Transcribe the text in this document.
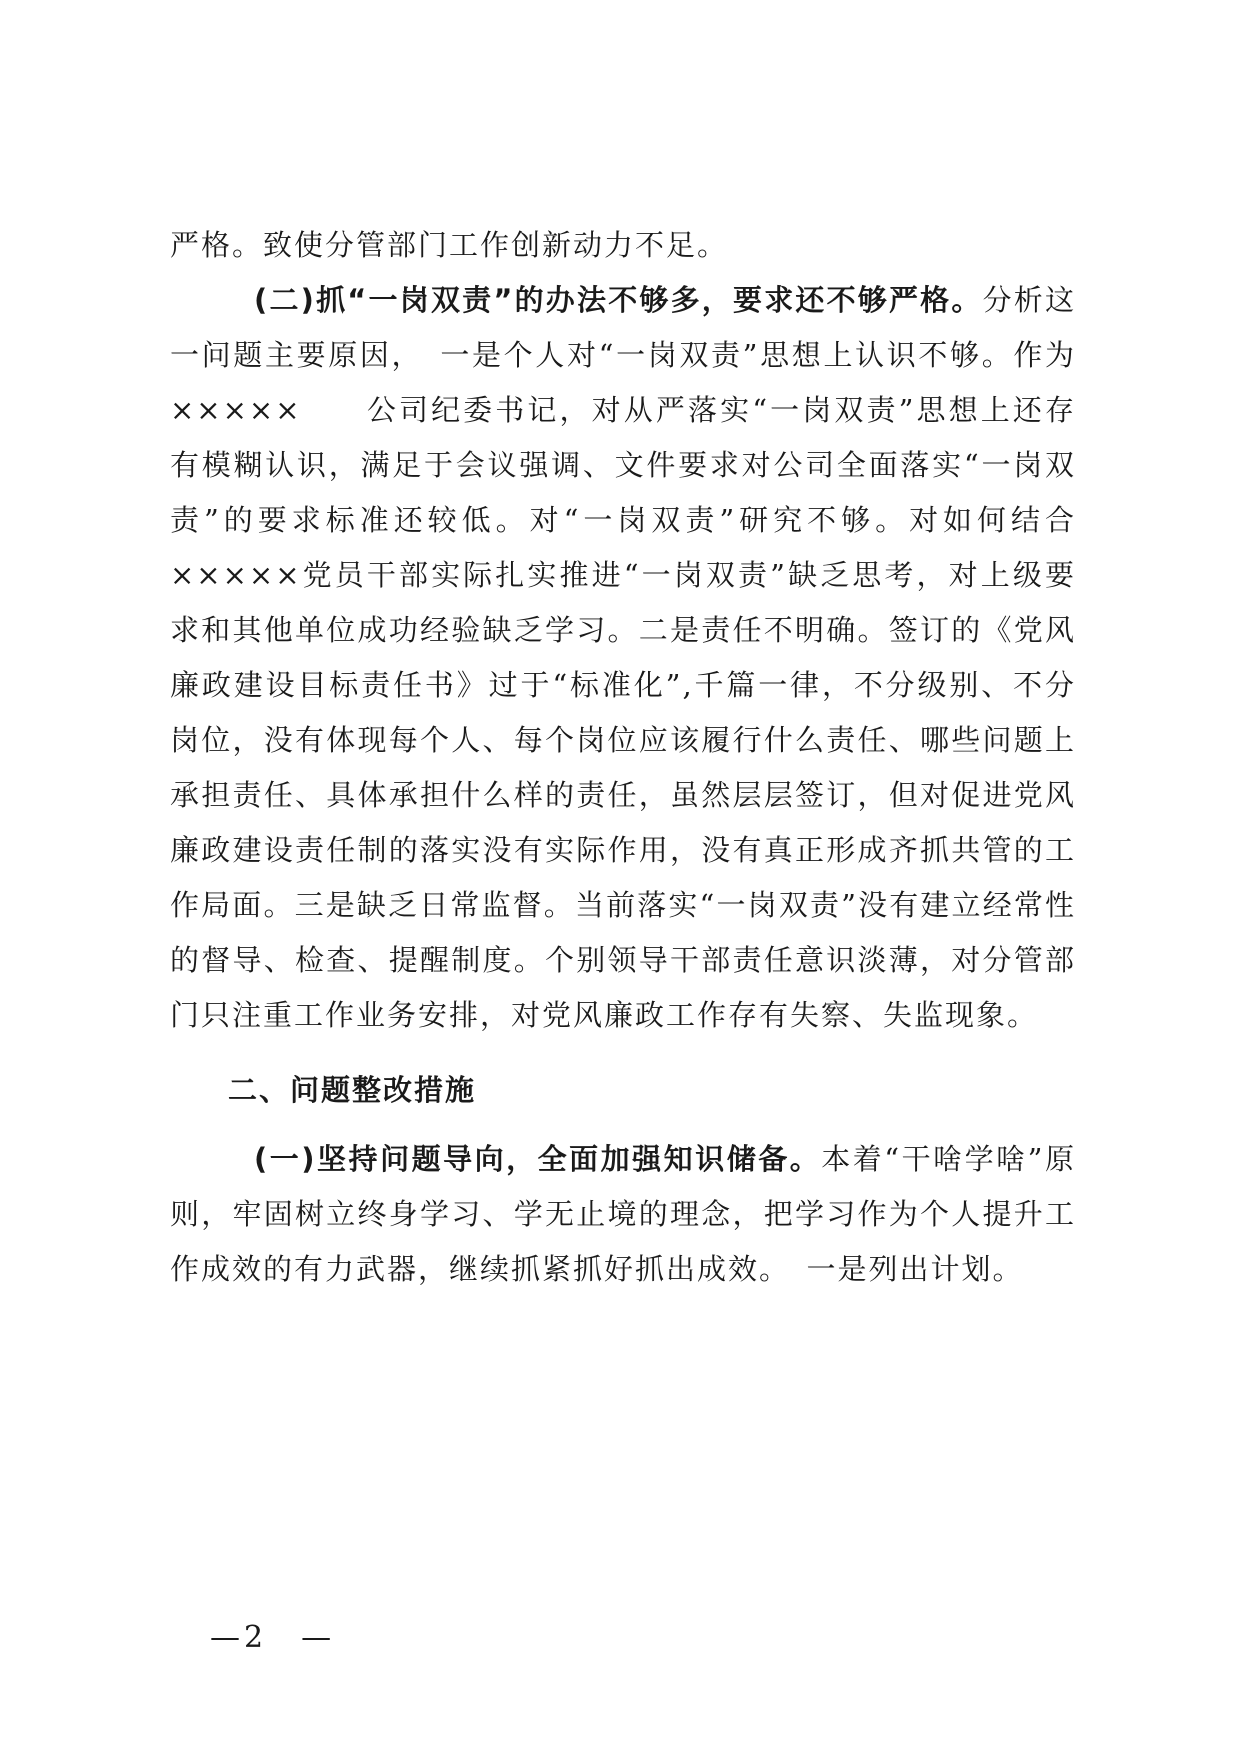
严格。致使分管部门工作创新动力不足。

(二)抓“一岗双责”的办法不够多，要求还不够严格。分析这一问题主要原因，　一是个人对“一岗双责”思想上认识不够。作为×××××　　公司纪委书记，对从严落实“一岗双责”思想上还存有模糊认识，满足于会议强调、文件要求对公司全面落实“一岗双责”的要求标准还较低。对“一岗双责”研究不够。对如何结合×××××党员干部实际扎实推进“一岗双责”缺乏思考，对上级要求和其他单位成功经验缺乏学习。二是责任不明确。签订的《党风廉政建设目标责任书》过于“标准化”,千篇一律，不分级别、不分岗位，没有体现每个人、每个岗位应该履行什么责任、哪些问题上承担责任、具体承担什么样的责任，虽然层层签订，但对促进党风廉政建设责任制的落实没有实际作用，没有真正形成齐抓共管的工作局面。三是缺乏日常监督。当前落实“一岗双责”没有建立经常性的督导、检查、提醒制度。个别领导干部责任意识淡薄，对分管部门只注重工作业务安排，对党风廉政工作存有失察、失监现象。

二、问题整改措施

(一)坚持问题导向，全面加强知识储备。本着“干啥学啥”原则，牢固树立终身学习、学无止境的理念，把学习作为个人提升工作成效的有力武器，继续抓紧抓好抓出成效。　一是列出计划。

—2　—
